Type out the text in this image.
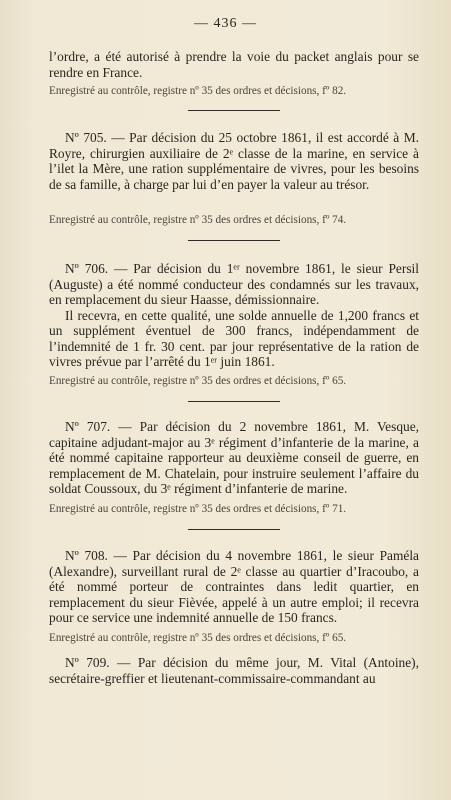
— 436 —

l’ordre, a été autorisé à prendre la voie du packet anglais pour se rendre en France.

Enregistré au contrôle, registre nº 35 des ordres et décisions, fº 82.

Nº 705. — Par décision du 25 octobre 1861, il est accordé à M. Royre, chirurgien auxiliaire de 2ᵉ classe de la marine, en service à l’ilet la Mère, une ration supplémentaire de vivres, pour les besoins de sa famille, à charge par lui d’en payer la valeur au trésor.

Enregistré au contrôle, registre nº 35 des ordres et décisions, fº 74.

Nº 706. — Par décision du 1ᵉʳ novembre 1861, le sieur Persil (Auguste) a été nommé conducteur des condamnés sur les travaux, en remplacement du sieur Haasse, démissionnaire.

Il recevra, en cette qualité, une solde annuelle de 1,200 francs et un supplément éventuel de 300 francs, indépendamment de l’indemnité de 1 fr. 30 cent. par jour représentative de la ration de vivres prévue par l’arrêté du 1ᵉʳ juin 1861.

Enregistré au contrôle, registre nº 35 des ordres et décisions, fº 65.

Nº 707. — Par décision du 2 novembre 1861, M. Vesque, capitaine adjudant-major au 3ᵉ régiment d’infanterie de la marine, a été nommé capitaine rapporteur au deuxième conseil de guerre, en remplacement de M. Chatelain, pour instruire seulement l’affaire du soldat Coussoux, du 3ᵉ régiment d’infanterie de marine.

Enregistré au contrôle, registre nº 35 des ordres et décisions, fº 71.

Nº 708. — Par décision du 4 novembre 1861, le sieur Paméla (Alexandre), surveillant rural de 2ᵉ classe au quartier d’Iracoubo, a été nommé porteur de contraintes dans ledit quartier, en remplacement du sieur Fièvée, appelé à un autre emploi; il recevra pour ce service une indemnité annuelle de 150 francs.

Enregistré au contrôle, registre nº 35 des ordres et décisions, fº 65.

Nº 709. — Par décision du même jour, M. Vital (Antoine), secrétaire-greffier et lieutenant-commissaire-commandant au
